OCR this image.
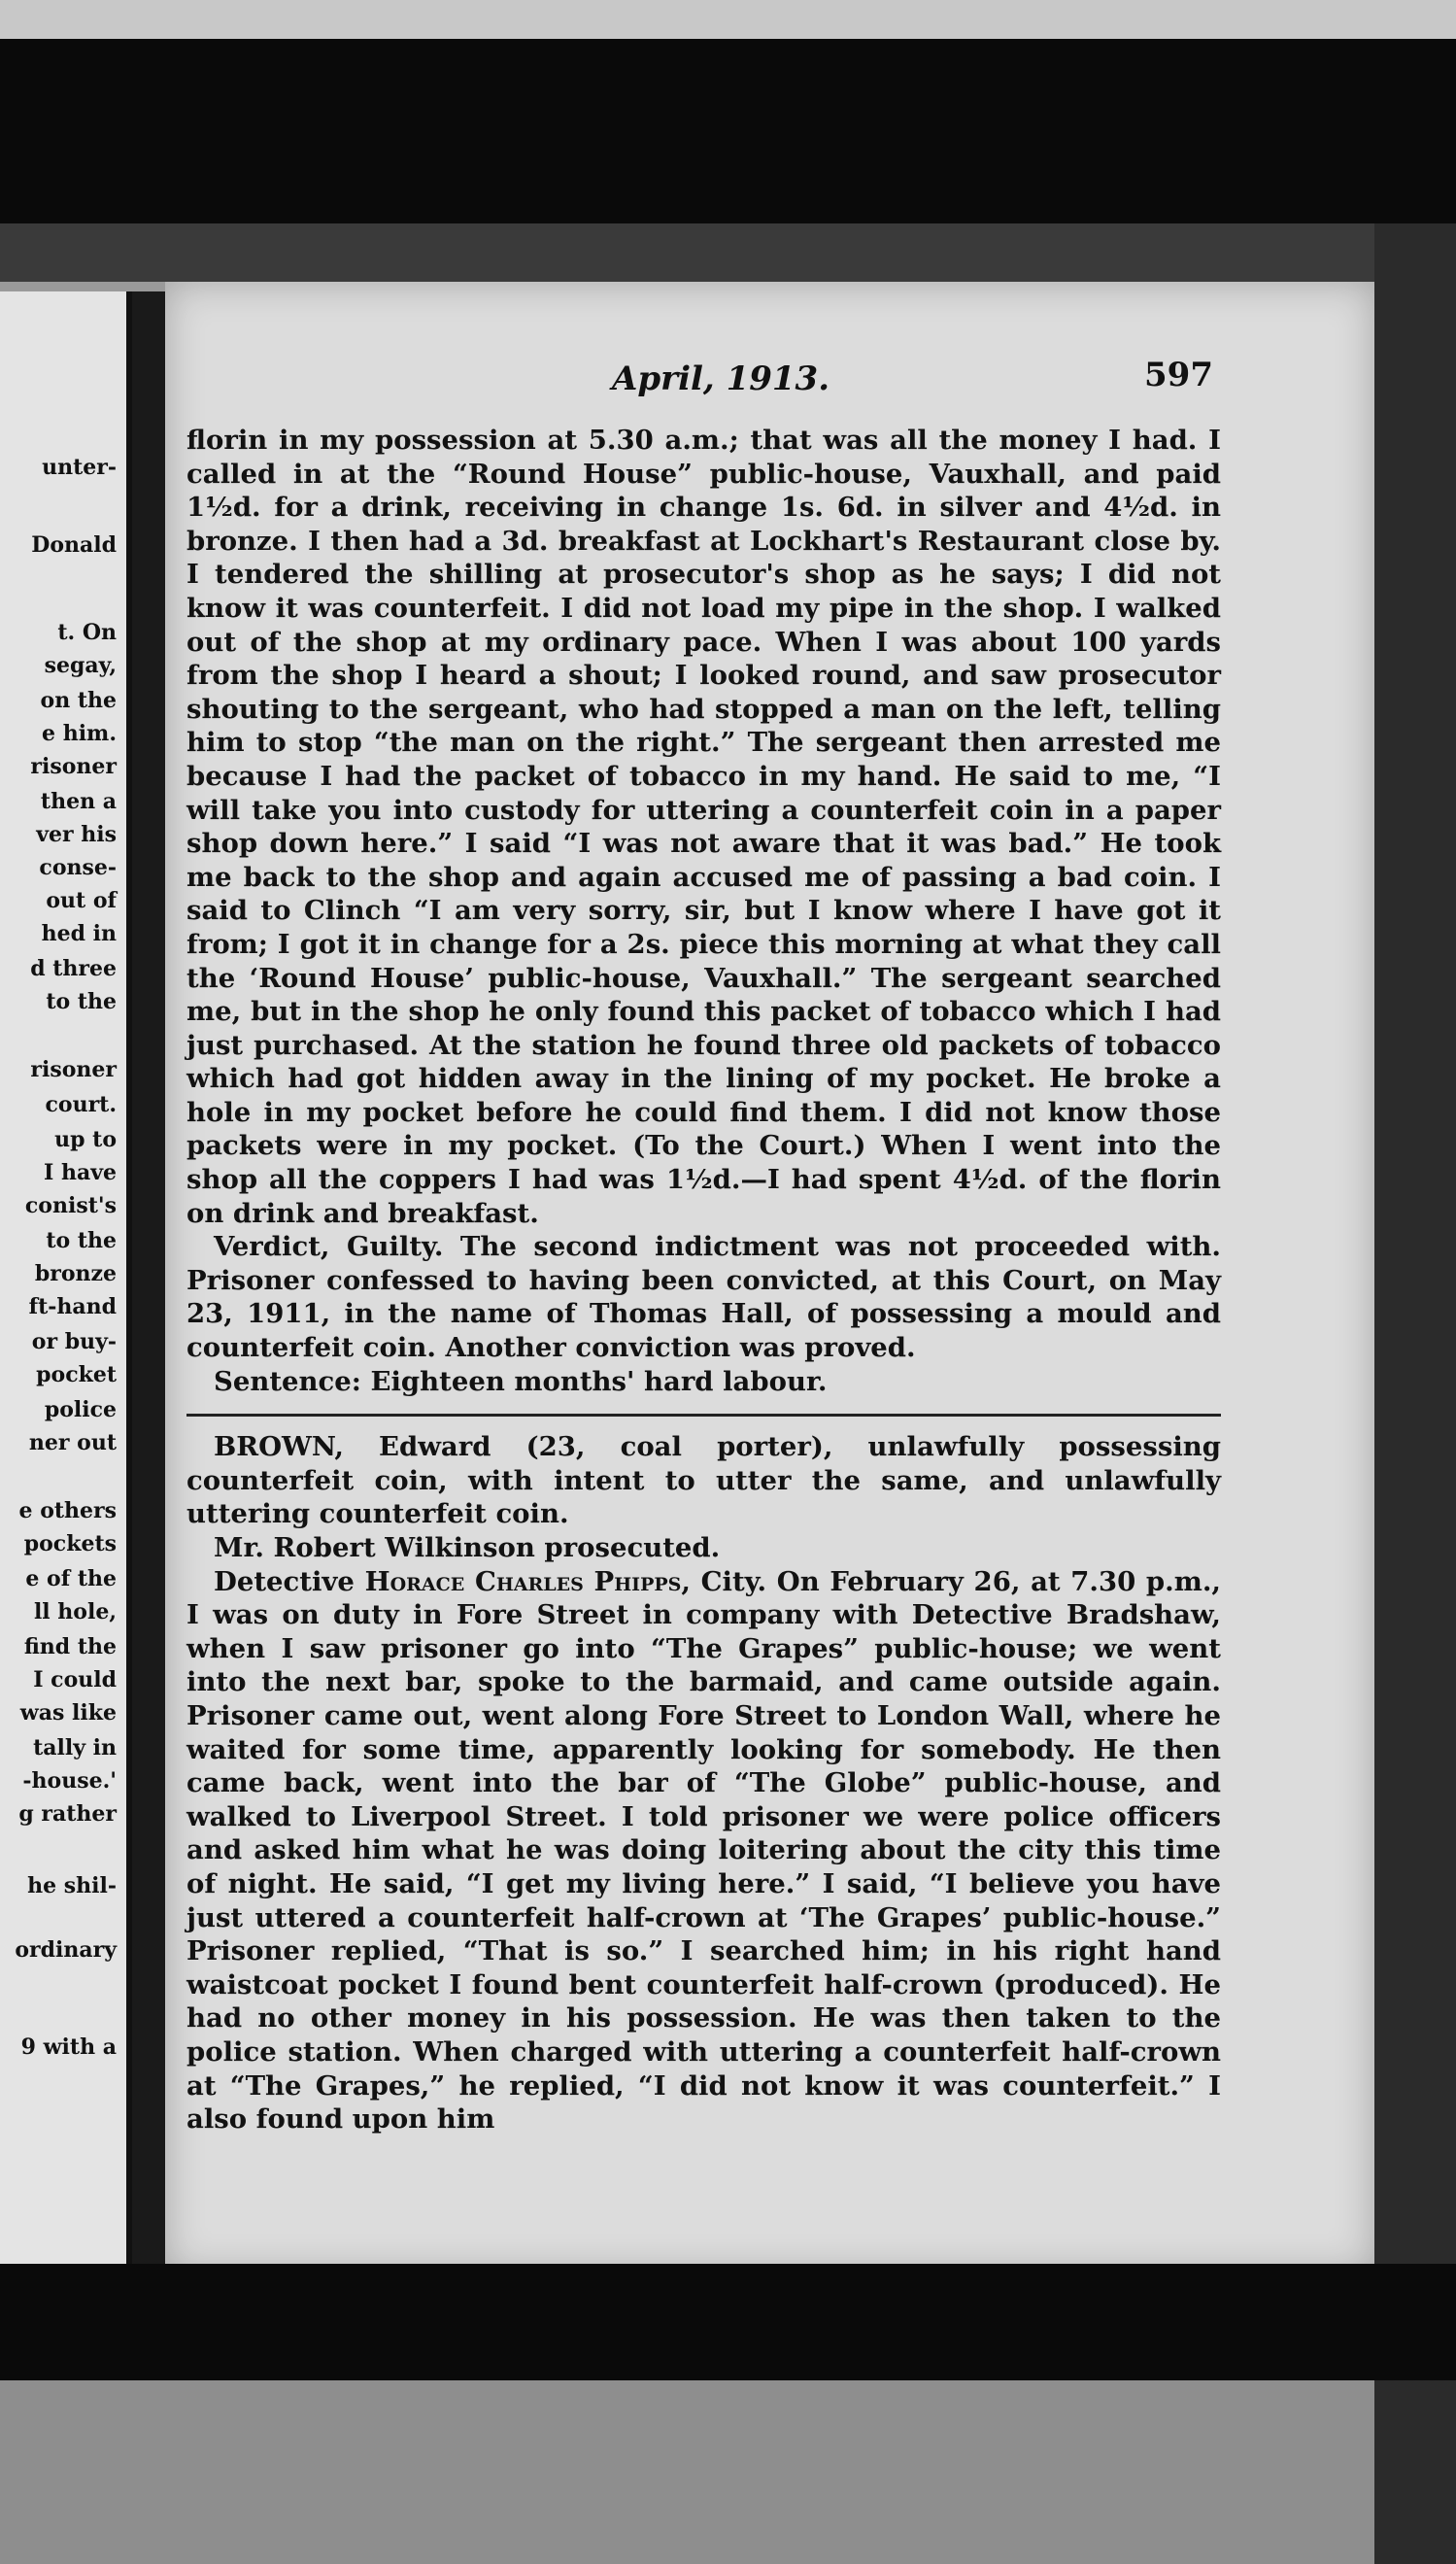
unter-
Donald
t. On
segay,
on the
e him.
risoner
then a
ver his
conse-
out of
hed in
d three
to the
risoner
court.
up to
I have
conist's
to the
bronze
ft-hand
or buy-
pocket
police
ner out
e others
pockets
e of the
ll hole,
find the
I could
was like
tally in
-house.'
g rather
he shil-
ordinary
9 with a
April, 1913.	597

florin in my possession at 5.30 a.m.; that was all the money I had. I called in at the “Round House” public-house, Vauxhall, and paid 1½d. for a drink, receiving in change 1s. 6d. in silver and 4½d. in bronze. I then had a 3d. breakfast at Lockhart's Restaurant close by. I tendered the shilling at prosecutor's shop as he says; I did not know it was counterfeit. I did not load my pipe in the shop. I walked out of the shop at my ordinary pace. When I was about 100 yards from the shop I heard a shout; I looked round, and saw prosecutor shouting to the sergeant, who had stopped a man on the left, telling him to stop “the man on the right.” The sergeant then arrested me because I had the packet of tobacco in my hand. He said to me, “I will take you into custody for uttering a counterfeit coin in a paper shop down here.” I said “I was not aware that it was bad.” He took me back to the shop and again accused me of passing a bad coin. I said to Clinch “I am very sorry, sir, but I know where I have got it from; I got it in change for a 2s. piece this morning at what they call the ‘Round House’ public-house, Vauxhall.” The sergeant searched me, but in the shop he only found this packet of tobacco which I had just purchased. At the station he found three old packets of tobacco which had got hidden away in the lining of my pocket. He broke a hole in my pocket before he could find them. I did not know those packets were in my pocket. (To the Court.) When I went into the shop all the coppers I had was 1½d.—I had spent 4½d. of the florin on drink and breakfast.

Verdict, Guilty. The second indictment was not proceeded with. Prisoner confessed to having been convicted, at this Court, on May 23, 1911, in the name of Thomas Hall, of possessing a mould and counterfeit coin. Another conviction was proved.

Sentence: Eighteen months' hard labour.

BROWN, Edward (23, coal porter), unlawfully possessing counterfeit coin, with intent to utter the same, and unlawfully uttering counterfeit coin.

Mr. Robert Wilkinson prosecuted.

Detective Horace Charles Phipps, City. On February 26, at 7.30 p.m., I was on duty in Fore Street in company with Detective Bradshaw, when I saw prisoner go into “The Grapes” public-house; we went into the next bar, spoke to the barmaid, and came outside again. Prisoner came out, went along Fore Street to London Wall, where he waited for some time, apparently looking for somebody. He then came back, went into the bar of “The Globe” public-house, and walked to Liverpool Street. I told prisoner we were police officers and asked him what he was doing loitering about the city this time of night. He said, “I get my living here.” I said, “I believe you have just uttered a counterfeit half-crown at ‘The Grapes’ public-house.” Prisoner replied, “That is so.” I searched him; in his right hand waistcoat pocket I found bent counterfeit half-crown (produced). He had no other money in his possession. He was then taken to the police station. When charged with uttering a counterfeit half-crown at “The Grapes,” he replied, “I did not know it was counterfeit.” I also found upon him
